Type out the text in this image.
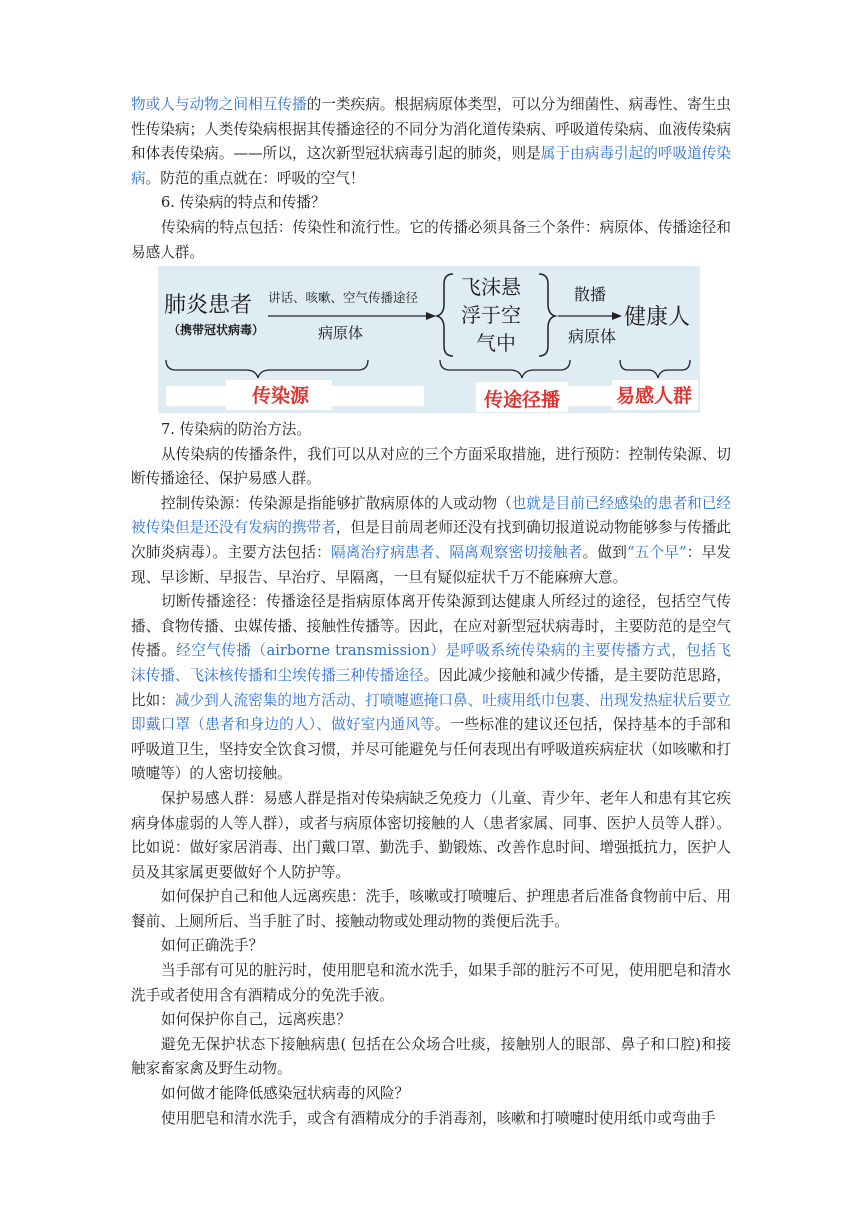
物或人与动物之间相互传播的一类疾病。根据病原体类型，可以分为细菌性、病毒性、寄生虫性传染病；人类传染病根据其传播途径的不同分为消化道传染病、呼吸道传染病、血液传染病和体表传染病。——所以，这次新型冠状病毒引起的肺炎，则是属于由病毒引起的呼吸道传染病。防范的重点就在：呼吸的空气！

6. 传染病的特点和传播？

传染病的特点包括：传染性和流行性。它的传播必须具备三个条件：病原体、传播途径和易感人群。

肺炎患者
（携带冠状病毒）
讲话、咳嗽、空气传播途径
病原体
飞沫悬
浮于空
气中
散播
病原体
健康人
传染源	传途径播	易感人群

7. 传染病的防治方法。

从传染病的传播条件，我们可以从对应的三个方面采取措施，进行预防：控制传染源、切断传播途径、保护易感人群。

控制传染源：传染源是指能够扩散病原体的人或动物（也就是目前已经感染的患者和已经被传染但是还没有发病的携带者，但是目前周老师还没有找到确切报道说动物能够参与传播此次肺炎病毒）。主要方法包括：隔离治疗病患者、隔离观察密切接触者。做到“五个早”：早发现、早诊断、早报告、早治疗、早隔离，一旦有疑似症状千万不能麻痹大意。

切断传播途径：传播途径是指病原体离开传染源到达健康人所经过的途径，包括空气传播、食物传播、虫媒传播、接触性传播等。因此，在应对新型冠状病毒时，主要防范的是空气传播。经空气传播（airborne transmission）是呼吸系统传染病的主要传播方式，包括飞沫传播、飞沫核传播和尘埃传播三种传播途径。因此减少接触和减少传播，是主要防范思路，比如：减少到人流密集的地方活动、打喷嚏遮掩口鼻、吐痰用纸巾包裹、出现发热症状后要立即戴口罩（患者和身边的人）、做好室内通风等。一些标准的建议还包括，保持基本的手部和呼吸道卫生，坚持安全饮食习惯，并尽可能避免与任何表现出有呼吸道疾病症状（如咳嗽和打喷嚏等）的人密切接触。

保护易感人群：易感人群是指对传染病缺乏免疫力（儿童、青少年、老年人和患有其它疾病身体虚弱的人等人群），或者与病原体密切接触的人（患者家属、同事、医护人员等人群）。比如说：做好家居消毒、出门戴口罩、勤洗手、勤锻炼、改善作息时间、增强抵抗力，医护人员及其家属更要做好个人防护等。

如何保护自己和他人远离疾患：洗手，咳嗽或打喷嚏后、护理患者后准备食物前中后、用餐前、上厕所后、当手脏了时、接触动物或处理动物的粪便后洗手。

如何正确洗手？

当手部有可见的脏污时，使用肥皂和流水洗手，如果手部的脏污不可见，使用肥皂和清水洗手或者使用含有酒精成分的免洗手液。

如何保护你自己，远离疾患？

避免无保护状态下接触病患( 包括在公众场合吐痰，接触别人的眼部、鼻子和口腔)和接触家畜家禽及野生动物。

如何做才能降低感染冠状病毒的风险？

使用肥皂和清水洗手，或含有酒精成分的手消毒剂，咳嗽和打喷嚏时使用纸巾或弯曲手
